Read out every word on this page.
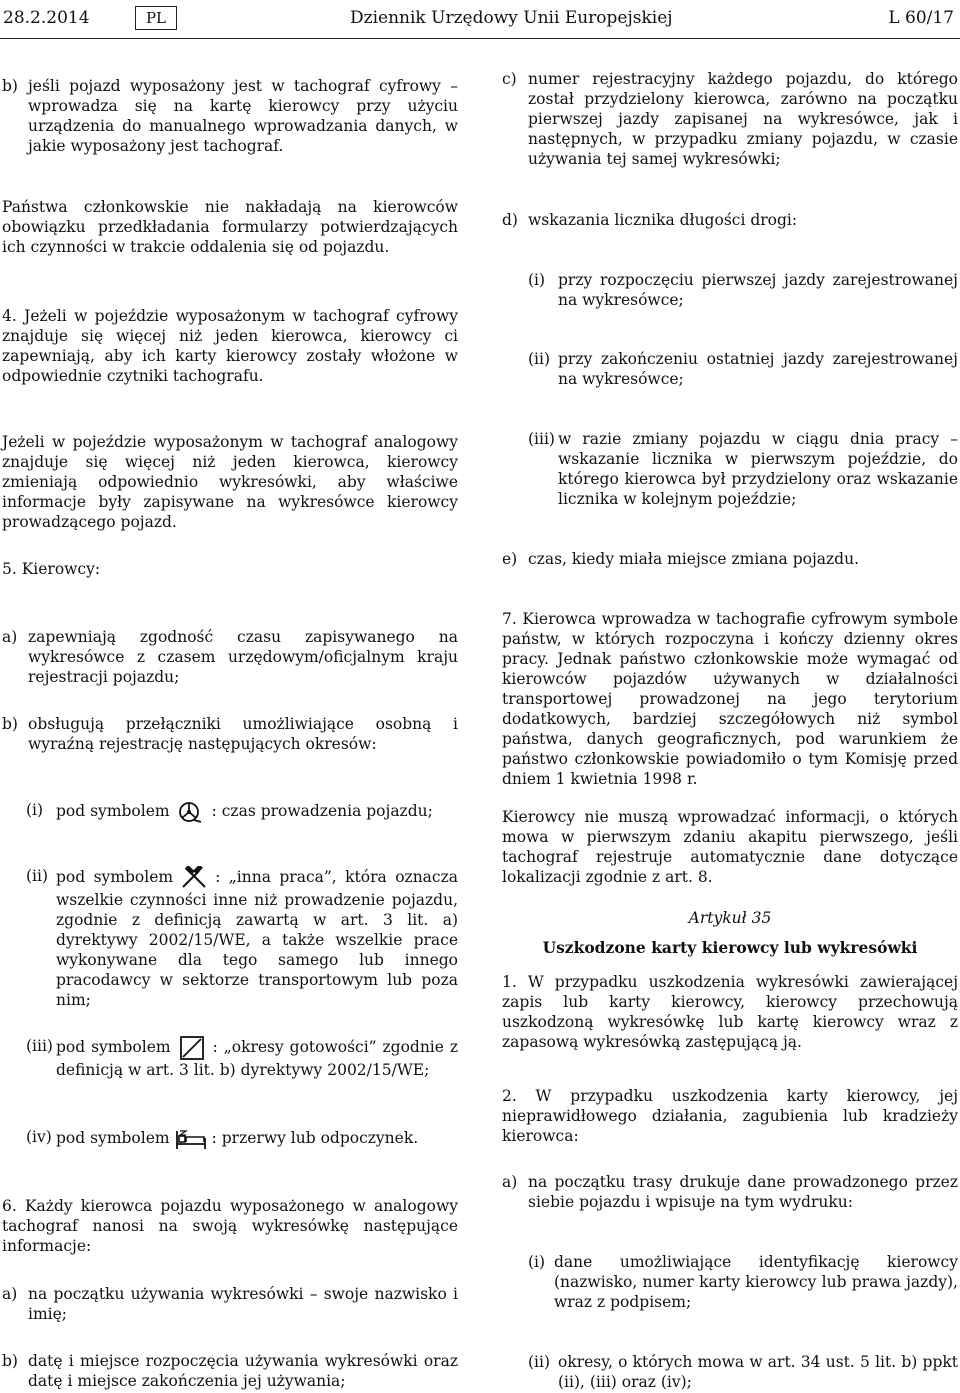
28.2.2014	PL	Dziennik Urzędowy Unii Europejskiej	L 60/17
b) jeśli pojazd wyposażony jest w tachograf cyfrowy – wprowadza się na kartę kierowcy przy użyciu urządzenia do manualnego wprowadzania danych, w jakie wyposażony jest tachograf.

Państwa członkowskie nie nakładają na kierowców obowiązku przedkładania formularzy potwierdzających ich czynności w trakcie oddalenia się od pojazdu.

4. Jeżeli w pojeździe wyposażonym w tachograf cyfrowy znajduje się więcej niż jeden kierowca, kierowcy ci zapewniają, aby ich karty kierowcy zostały włożone w odpowiednie czytniki tachografu.

Jeżeli w pojeździe wyposażonym w tachograf analogowy znajduje się więcej niż jeden kierowca, kierowcy zmieniają odpowiednio wykresówki, aby właściwe informacje były zapisywane na wykresówce kierowcy prowadzącego pojazd.

5. Kierowcy:

a) zapewniają zgodność czasu zapisywanego na wykresówce z czasem urzędowym/oficjalnym kraju rejestracji pojazdu;
b) obsługują przełączniki umożliwiające osobną i wyraźną rejestrację następujących okresów:
(i) pod symbolem	: czas prowadzenia pojazdu;
(ii) pod symbolem	: „inna praca”, która oznacza wszelkie czynności inne niż prowadzenie pojazdu, zgodnie z definicją zawartą w art. 3 lit. a) dyrektywy 2002/15/WE, a także wszelkie prace wykonywane dla tego samego lub innego pracodawcy w sektorze transportowym lub poza nim;
(iii) pod symbolem	: „okresy gotowości” zgodnie z definicją w art. 3 lit. b) dyrektywy 2002/15/WE;
(iv) pod symbolem	: przerwy lub odpoczynek.

6. Każdy kierowca pojazdu wyposażonego w analogowy tachograf nanosi na swoją wykresówkę następujące informacje:

a) na początku używania wykresówki – swoje nazwisko i imię;
b) datę i miejsce rozpoczęcia używania wykresówki oraz datę i miejsce zakończenia jej używania;
c) numer rejestracyjny każdego pojazdu, do którego został przydzielony kierowca, zarówno na początku pierwszej jazdy zapisanej na wykresówce, jak i następnych, w przypadku zmiany pojazdu, w czasie używania tej samej wykresówki;
d) wskazania licznika długości drogi:
(i) przy rozpoczęciu pierwszej jazdy zarejestrowanej na wykresówce;
(ii) przy zakończeniu ostatniej jazdy zarejestrowanej na wykresówce;
(iii) w razie zmiany pojazdu w ciągu dnia pracy – wskazanie licznika w pierwszym pojeździe, do którego kierowca był przydzielony oraz wskazanie licznika w kolejnym pojeździe;
e) czas, kiedy miała miejsce zmiana pojazdu.

7. Kierowca wprowadza w tachografie cyfrowym symbole państw, w których rozpoczyna i kończy dzienny okres pracy. Jednak państwo członkowskie może wymagać od kierowców pojazdów używanych w działalności transportowej prowadzonej na jego terytorium dodatkowych, bardziej szczegółowych niż symbol państwa, danych geograficznych, pod warunkiem że państwo członkowskie powiadomiło o tym Komisję przed dniem 1 kwietnia 1998 r.

Kierowcy nie muszą wprowadzać informacji, o których mowa w pierwszym zdaniu akapitu pierwszego, jeśli tachograf rejestruje automatycznie dane dotyczące lokalizacji zgodnie z art. 8.

Artykuł 35
Uszkodzone karty kierowcy lub wykresówki

1. W przypadku uszkodzenia wykresówki zawierającej zapis lub karty kierowcy, kierowcy przechowują uszkodzoną wykresówkę lub kartę kierowcy wraz z zapasową wykresówką zastępującą ją.

2. W przypadku uszkodzenia karty kierowcy, jej nieprawidłowego działania, zagubienia lub kradzieży kierowca:

a) na początku trasy drukuje dane prowadzonego przez siebie pojazdu i wpisuje na tym wydruku:
(i) dane umożliwiające identyfikację kierowcy (nazwisko, numer karty kierowcy lub prawa jazdy), wraz z podpisem;
(ii) okresy, o których mowa w art. 34 ust. 5 lit. b) ppkt (ii), (iii) oraz (iv);
